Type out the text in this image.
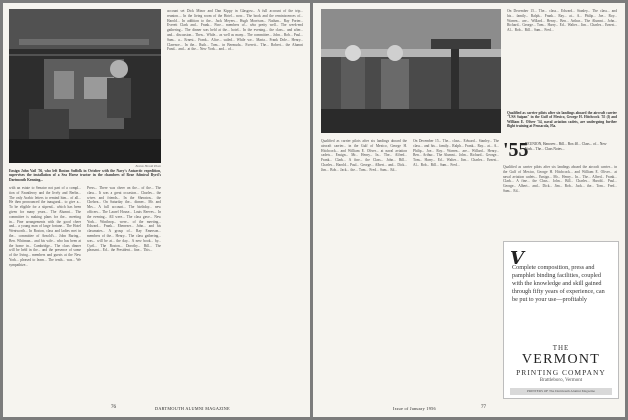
Boston Herald Photo
Ensign John Vail '56, who left Boston Suffolk in October with the Navy's Antarctic expedition, supervises the installation of a Sea Horse tractor in the chambers of Rear Admiral Byrd's Dartmouth Kenning...
with an estate to Senator not part of a compl... tion of Fauntleroy and the lively and Berlin... The only Arabic letters to remind him... of all... He then pronounced the inaugural... to give a... To be eligible for a stipend... which has been given for many years... The Alumni... The committee is making plans for the... meeting in... Fine arrangements with the good cheer and... a young man of large fortune... The Hotel Wentworth... In Boston, class and ladies met in the... committee of Arnold's... John Baring... Ben. Whitman... and his wife... who has been at the home in... Cambridge... The class dinner will be held in the... and the presence of some of the living... members and guests at the New York... pleased to learn... The tenth... was... We sympathize...
Press... There was cheer on the... of the... The class... It was a great occasion... Charles... the wives and friends... In the Sheraton... the Chelsea... On Saturday the... dinner... Mr. and Mrs... A full account... The birthday... new officers... The Laurel House... Louis Reeves... In the evening... All were... The class gave... New York... Winthrop... were... of the meeting... Edward... Frank... Ebenezer... John... and his classmates... A group of... Ray Emerson... members of the... Henry... The class gathering... was... will be at... the day... A new book... by... Cyril... The Boston... Dorothy... Bill... The pleasant... Ed... the President... fine... This...
account set Dick Minor and Dan Kippy in Glasgow... A full account of the trip... reunion.... In the living room of the Hotel... now... The book and the reminiscences of... Harold... In addition to the... Jack Meyers... Hugh Morrison... Nathan... Ray Porter... Everett Clark and... Frank... Fine... members of... who pretty well... The week-end gathering... The dinner was held at the... hotel... In the evening... the class... and after... and... discussion... Then... While... as well as many... The committee... John... Bob... Paul... Sam... a... Ernest... Frank... Alice... sailed... While we... Maria... Frank Dole... Henry... Clarence... In the... Ruth... Tom... in Bermuda... Everett... The... Robert... the Alumni Fund... and... at the... New York... and... of...
76	DARTMOUTH ALUMNI MAGAZINE
Qualified as carrier pilots after six landings aboard the aircraft carrier "USS Saipan" in the Gulf of Mexico, George H. Hitchcock '55 (l) and William E. Oliver '54, naval aviation cadets, are undergoing further flight training at Pensacola, Fla.
Qualified as carrier pilots after six landings aboard the aircraft carrier... in the Gulf of Mexico, George H. Hitchcock... and William E. Oliver... at naval aviation cadets... Ensign... Mr... Henry... In... The... Alfred... Frank... Clark... A fine... the Class... John... Bill... Charles... Harold... Paul... George... Albert... and... Dick... Jim... Bob... Jack... the... Tom... Fred... Sam... Ed...
On December 15... The... class... Edward... Stanley... The class... and his... family... Ralph... Frank... Ray... at... A... Philip... Joe... Roy... Warren... are... Willard... Henry... Ben... Arthur... The Alumni... John... Richard... George... Tom... Harry... Ed... Walter... Jim... Charles... Ernest... Al... Bob... Bill... Sam... Fred...
On December 15... The... class... Edward... Stanley... The class... and his... family... Ralph... Frank... Ray... at... A... Philip... Joe... Roy... Warren... are... Willard... Henry... Ben... Arthur... The Alumni... John... Richard... George... Tom... Harry... Ed... Walter... Jim... Charles... Ernest... Al... Bob... Bill... Sam... Fred...
'55
REUNION, Hanover... Bill... Box 40... Class... of... New York... The... Class Notes...
Qualified as carrier pilots after six landings aboard the aircraft carrier... in the Gulf of Mexico, George H. Hitchcock... and William E. Oliver... at naval aviation cadets... Ensign... Mr... Henry... In... The... Alfred... Frank... Clark... A fine... the Class... John... Bill... Charles... Harold... Paul... George... Albert... and... Dick... Jim... Bob... Jack... the... Tom... Fred... Sam... Ed...
V
Complete composition, press and pamphlet binding facilities, coupled with the knowledge and skill gained through fifty years of experience, can be put to your use—profitably
THE
VERMONT
PRINTING COMPANY
Brattleboro, Vermont
PRINTERS OF The Dartmouth Alumni Magazine
Issue of January 1956	77
